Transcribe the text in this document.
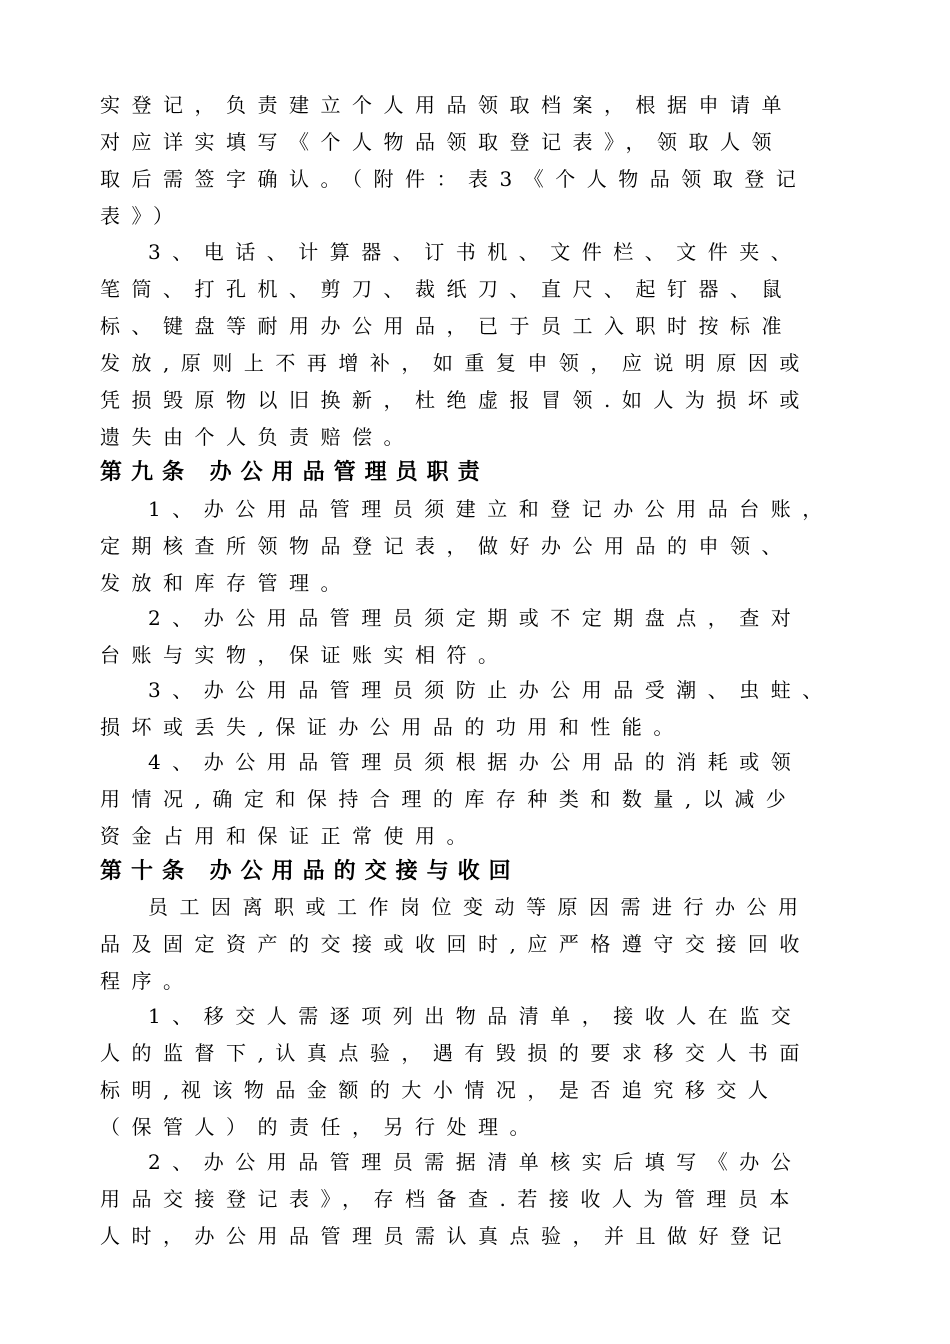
实登记，负责建立个人用品领取档案，根据申请单
对应详实填写《个人物品领取登记表》，领取人领
取后需签字确认。（附件：表3《个人物品领取登记
表》）
3、电话、计算器、订书机、文件栏、文件夹、
笔筒、打孔机、剪刀、裁纸刀、直尺、起钉器、鼠
标、键盘等耐用办公用品，已于员工入职时按标准
发放,原则上不再增补，如重复申领，应说明原因或
凭损毁原物以旧换新，杜绝虚报冒领.如人为损坏或
遗失由个人负责赔偿。
第九条 办公用品管理员职责
1、办公用品管理员须建立和登记办公用品台账，
定期核查所领物品登记表，做好办公用品的申领、
发放和库存管理。
2、办公用品管理员须定期或不定期盘点，查对
台账与实物，保证账实相符。
3、办公用品管理员须防止办公用品受潮、虫蛀、
损坏或丢失,保证办公用品的功用和性能。
4、办公用品管理员须根据办公用品的消耗或领
用情况,确定和保持合理的库存种类和数量,以减少
资金占用和保证正常使用。
第十条 办公用品的交接与收回
员工因离职或工作岗位变动等原因需进行办公用
品及固定资产的交接或收回时,应严格遵守交接回收
程序。
1、移交人需逐项列出物品清单，接收人在监交
人的监督下,认真点验，遇有毁损的要求移交人书面
标明,视该物品金额的大小情况，是否追究移交人
（保管人）的责任，另行处理。
2、办公用品管理员需据清单核实后填写《办公
用品交接登记表》，存档备查.若接收人为管理员本
人时，办公用品管理员需认真点验，并且做好登记
